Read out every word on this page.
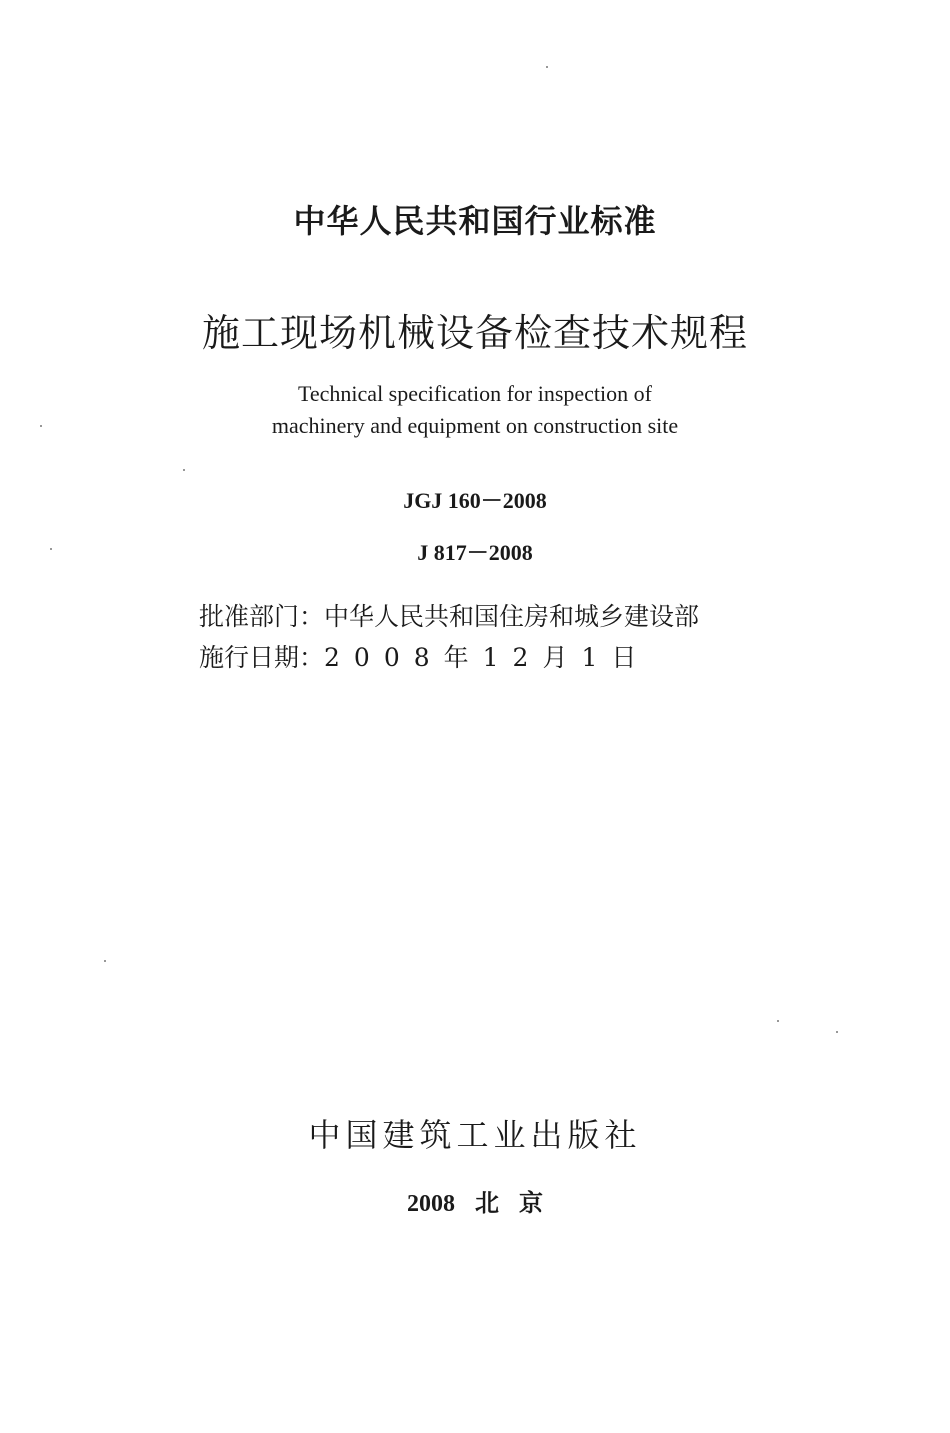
中华人民共和国行业标准
施工现场机械设备检查技术规程
Technical specification for inspection of
machinery and equipment on construction site
JGJ 160－2008
J 817－2008
批准部门：中华人民共和国住房和城乡建设部
施行日期：2008年12月1日
中国建筑工业出版社
2008 北 京
